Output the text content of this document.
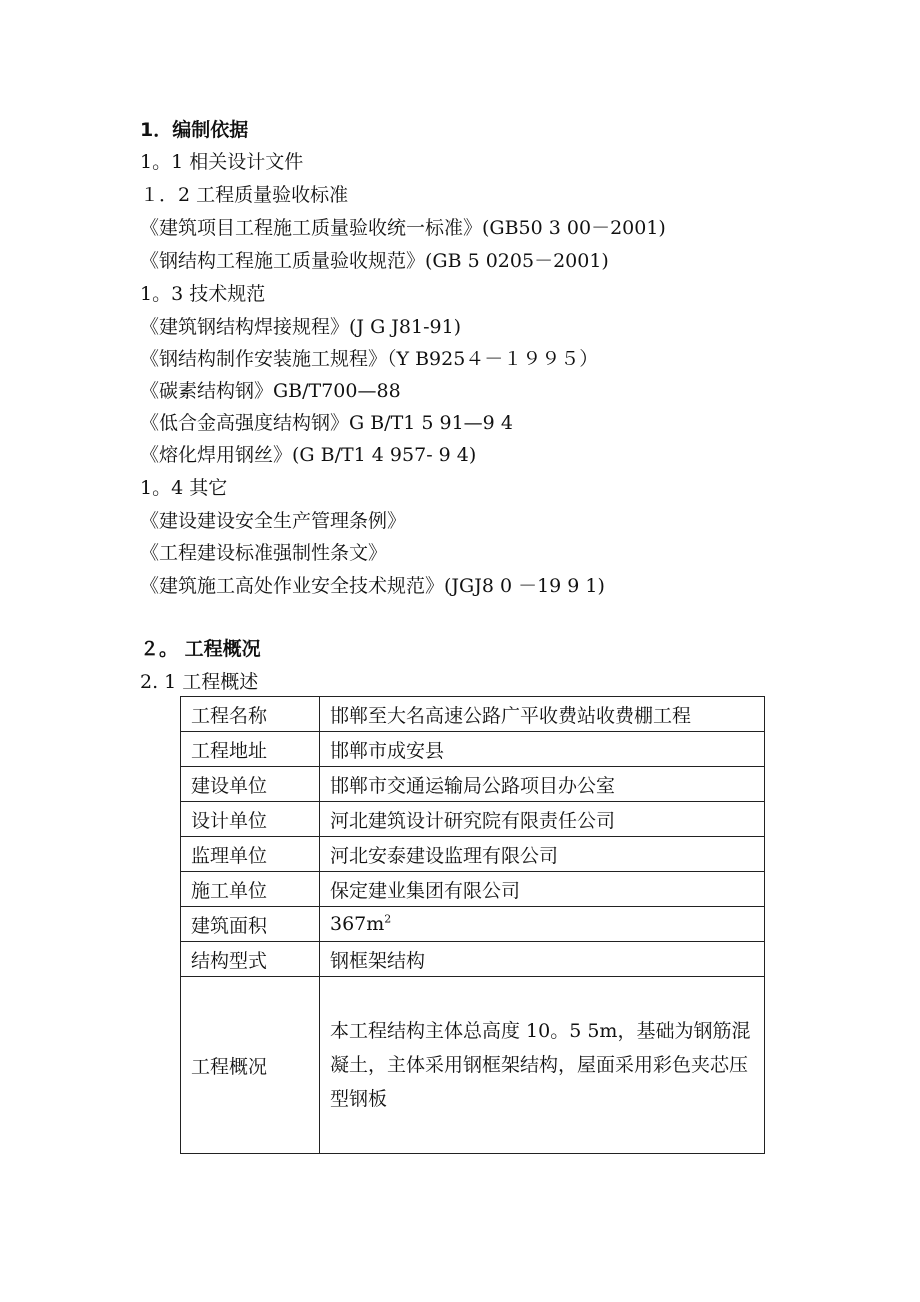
1．编制依据
1。1 相关设计文件
１．2 工程质量验收标准
《建筑项目工程施工质量验收统一标准》(GB50 3 00－2001)
《钢结构工程施工质量验收规范》(GB 5 0205－2001)
1。3 技术规范
《建筑钢结构焊接规程》(J G J81-91)
《钢结构制作安装施工规程》（Y B925４－１９９５）
《碳素结构钢》GB/T700—88
《低合金高强度结构钢》G B/T1 5 91—9 4
《熔化焊用钢丝》(G B/T1 4 957- 9 4)
1。4 其它
《建设建设安全生产管理条例》
《工程建设标准强制性条文》
《建筑施工高处作业安全技术规范》(JGJ8 0 －19 9 1)
２。 工程概况
2. 1 工程概述
工程名称	邯郸至大名高速公路广平收费站收费棚工程
工程地址	邯郸市成安县
建设单位	邯郸市交通运输局公路项目办公室
设计单位	河北建筑设计研究院有限责任公司
监理单位	河北安泰建设监理有限公司
施工单位	保定建业集团有限公司
建筑面积	$367m^2$
结构型式	钢框架结构
工程概况	本工程结构主体总高度 10。5 5m，基础为钢筋混凝土，主体采用钢框架结构，屋面采用彩色夹芯压型钢板
